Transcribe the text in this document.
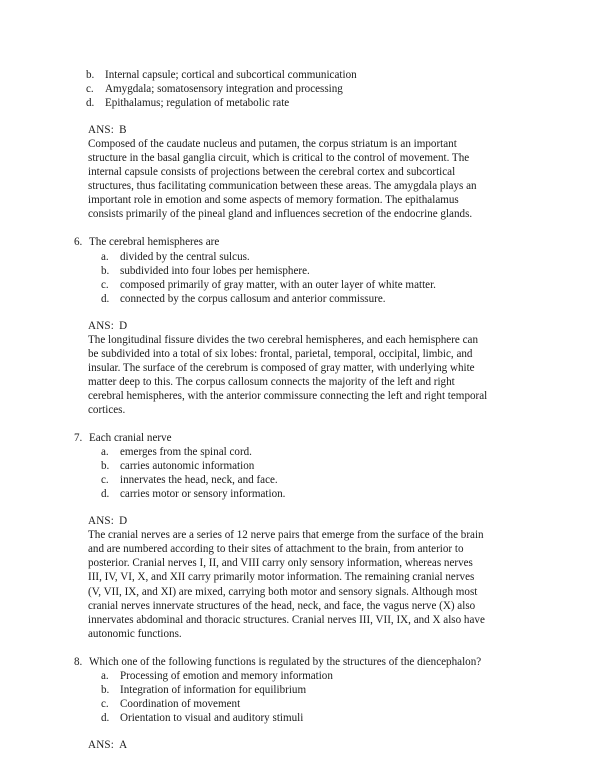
b. Internal capsule; cortical and subcortical communication
c.	Amygdala; somatosensory integration and processing
d. Epithalamus; regulation of metabolic rate
ANS: B
Composed of the caudate nucleus and putamen, the corpus striatum is an important
structure in the basal ganglia circuit, which is critical to the control of movement. The
internal capsule consists of projections between the cerebral cortex and subcortical
structures, thus facilitating communication between these areas. The amygdala plays an
important role in emotion and some aspects of memory formation. The epithalamus
consists primarily of the pineal gland and influences secretion of the endocrine glands.
6. The cerebral hemispheres are
a.	divided by the central sulcus.
b. subdivided into four lobes per hemisphere.
c.	composed primarily of gray matter, with an outer layer of white matter.
d. connected by the corpus callosum and anterior commissure.
ANS: D
The longitudinal fissure divides the two cerebral hemispheres, and each hemisphere can
be subdivided into a total of six lobes: frontal, parietal, temporal, occipital, limbic, and
insular. The surface of the cerebrum is composed of gray matter, with underlying white
matter deep to this. The corpus callosum connects the majority of the left and right
cerebral hemispheres, with the anterior commissure connecting the left and right temporal
cortices.
7. Each cranial nerve
a.	emerges from the spinal cord.
b. carries autonomic information
c.	innervates the head, neck, and face.
d. carries motor or sensory information.
ANS: D
The cranial nerves are a series of 12 nerve pairs that emerge from the surface of the brain
and are numbered according to their sites of attachment to the brain, from anterior to
posterior. Cranial nerves I, II, and VIII carry only sensory information, whereas nerves
III, IV, VI, X, and XII carry primarily motor information. The remaining cranial nerves
(V, VII, IX, and XI) are mixed, carrying both motor and sensory signals. Although most
cranial nerves innervate structures of the head, neck, and face, the vagus nerve (X) also
innervates abdominal and thoracic structures. Cranial nerves III, VII, IX, and X also have
autonomic functions.
8. Which one of the following functions is regulated by the structures of the diencephalon?
a.	Processing of emotion and memory information
b. Integration of information for equilibrium
c.	Coordination of movement
d. Orientation to visual and auditory stimuli
ANS: A
